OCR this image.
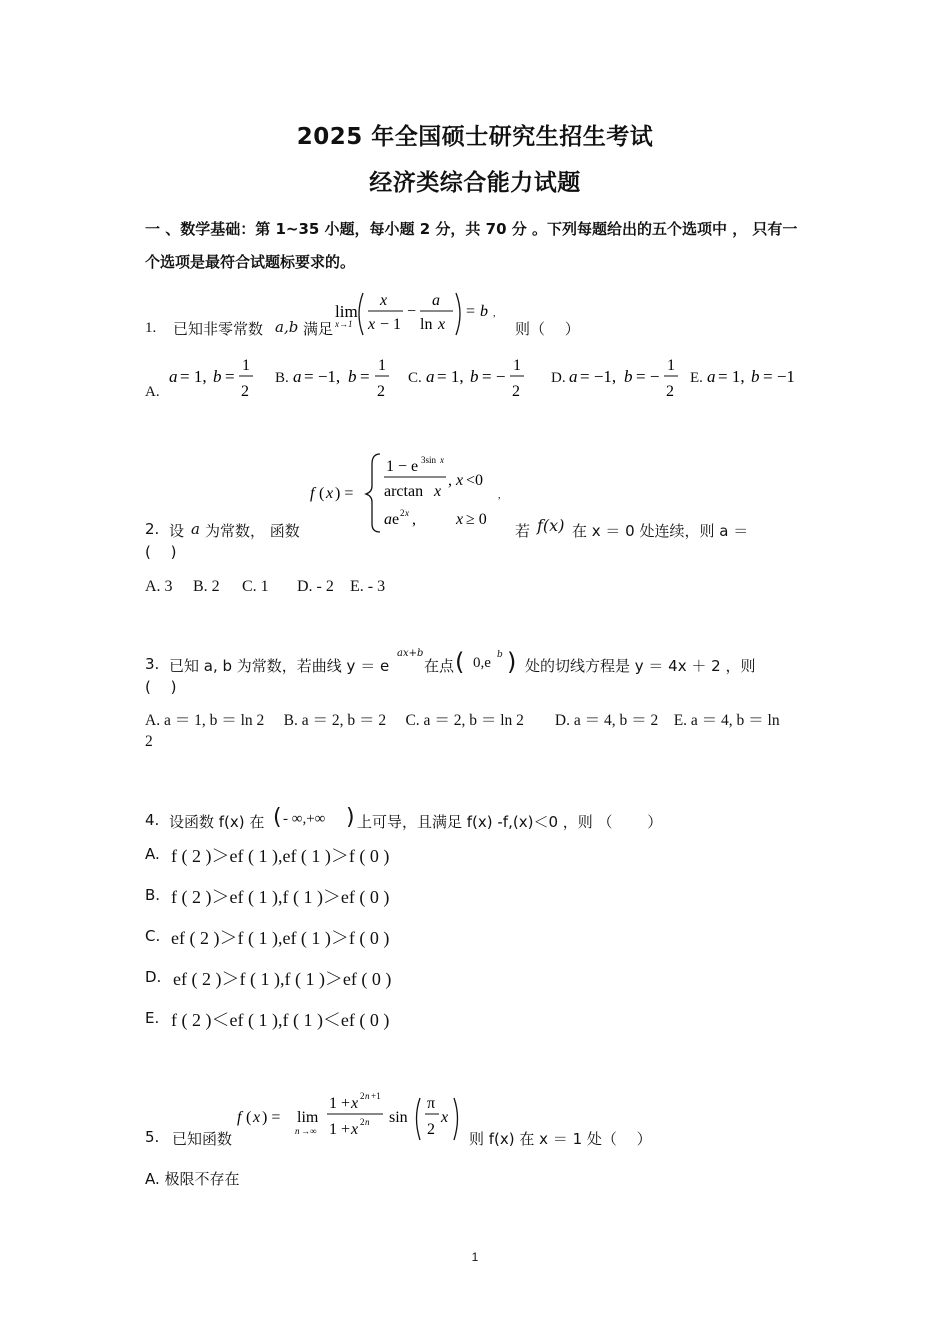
2025 年全国硕士研究生招生考试
经济类综合能力试题
一 、数学基础：第 1~35 小题，每小题 2 分，共 70 分 。下列每题给出的五个选项中 ， 只有一 个选项是最符合试题标要求的。
1. 已知非零常数 a,b 满足
lim
x→1
x
x − 1
−
a
ln x
= b ,
则（　 ）
A.
a = 1, b =
1
2
B. a = −1, b =
1
2
C. a = 1, b = −
1
2
D. a = −1, b = −
1
2
E. a = 1, b = −1
f ( x ) =
1 − e 3sin x
arctan x
, x <0
a e 2 x ,	x ≥ 0
,
2. 设 a 为常数， 函数	若 f(x) 在 x ＝ 0 处连续，则 a ＝
(　 )
A. 3 B. 2 C. 1 D. - 2 E. - 3
3. 已知 a, b 为常数，若曲线 y ＝ e
ax+b
在点 ( 0,e b ) 处的切线方程是 y ＝ 4x ＋ 2 ，则
(　 )
A. a ＝ 1, b ＝ ln 2　 B. a ＝ 2, b ＝ 2　 C. a ＝ 2, b ＝ ln 2　　D. a ＝ 4, b ＝ 2　E. a ＝ 4, b ＝ ln
2
4. 设函数 f(x) 在 ( - ∞,+∞ ) 上可导，且满足 f(x) -f,(x)＜0 ，则 （　　 ）
A. f ( 2 )＞ef ( 1 ),ef ( 1 )＞f ( 0 )
B. f ( 2 )＞ef ( 1 ),f ( 1 )＞ef ( 0 )
C. ef ( 2 )＞f ( 1 ),ef ( 1 )＞f ( 0 )
D. ef ( 2 )＞f ( 1 ),f ( 1 )＞ef ( 0 )
E. f ( 2 )＜ef ( 1 ),f ( 1 )＜ef ( 0 )
5. 已知函数
f ( x ) = lim
n →∞
1 + x 2 n +1
1 + x 2 n sin
π
2
x
则 f(x) 在 x ＝ 1 处（　 ）
A. 极限不存在
1
